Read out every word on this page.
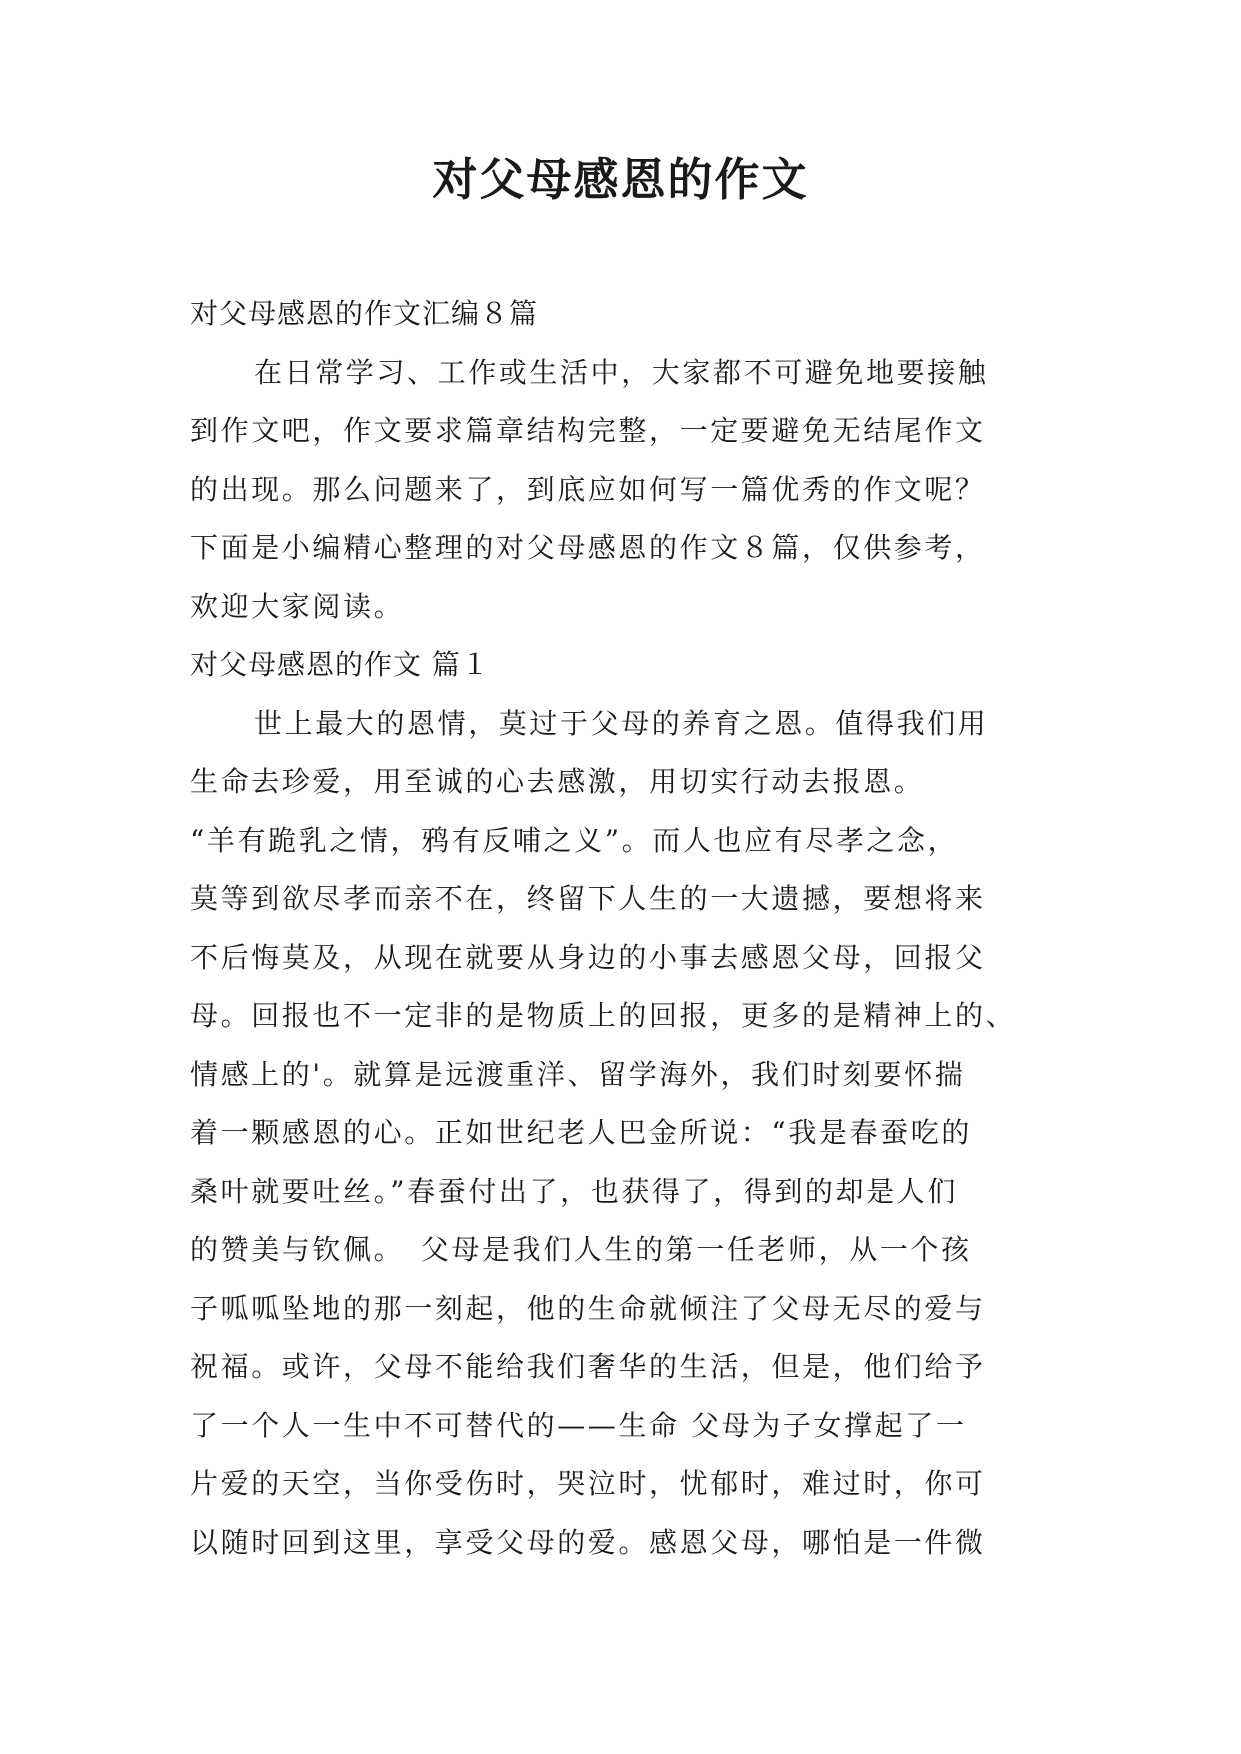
对父母感恩的作文
对父母感恩的作文汇编８篇
在日常学习、工作或生活中，大家都不可避免地要接触
到作文吧，作文要求篇章结构完整，一定要避免无结尾作文
的出现。那么问题来了，到底应如何写一篇优秀的作文呢？
下面是小编精心整理的对父母感恩的作文８篇，仅供参考，
欢迎大家阅读。
对父母感恩的作文 篇１
世上最大的恩情，莫过于父母的养育之恩。值得我们用
生命去珍爱，用至诚的心去感激，用切实行动去报恩。
“羊有跪乳之情，鸦有反哺之义”。而人也应有尽孝之念，
莫等到欲尽孝而亲不在，终留下人生的一大遗撼，要想将来
不后悔莫及，从现在就要从身边的小事去感恩父母，回报父
母。回报也不一定非的是物质上的回报，更多的是精神上的、
情感上的'。就算是远渡重洋、留学海外，我们时刻要怀揣
着一颗感恩的心。正如世纪老人巴金所说：“我是春蚕吃的
桑叶就要吐丝。”春蚕付出了，也获得了，得到的却是人们
的赞美与钦佩。　父母是我们人生的第一任老师，从一个孩
子呱呱坠地的那一刻起，他的生命就倾注了父母无尽的爱与
祝福。或许，父母不能给我们奢华的生活，但是，他们给予
了一个人一生中不可替代的——生命 父母为子女撑起了一
片爱的天空，当你受伤时，哭泣时，忧郁时，难过时，你可
以随时回到这里，享受父母的爱。感恩父母，哪怕是一件微
